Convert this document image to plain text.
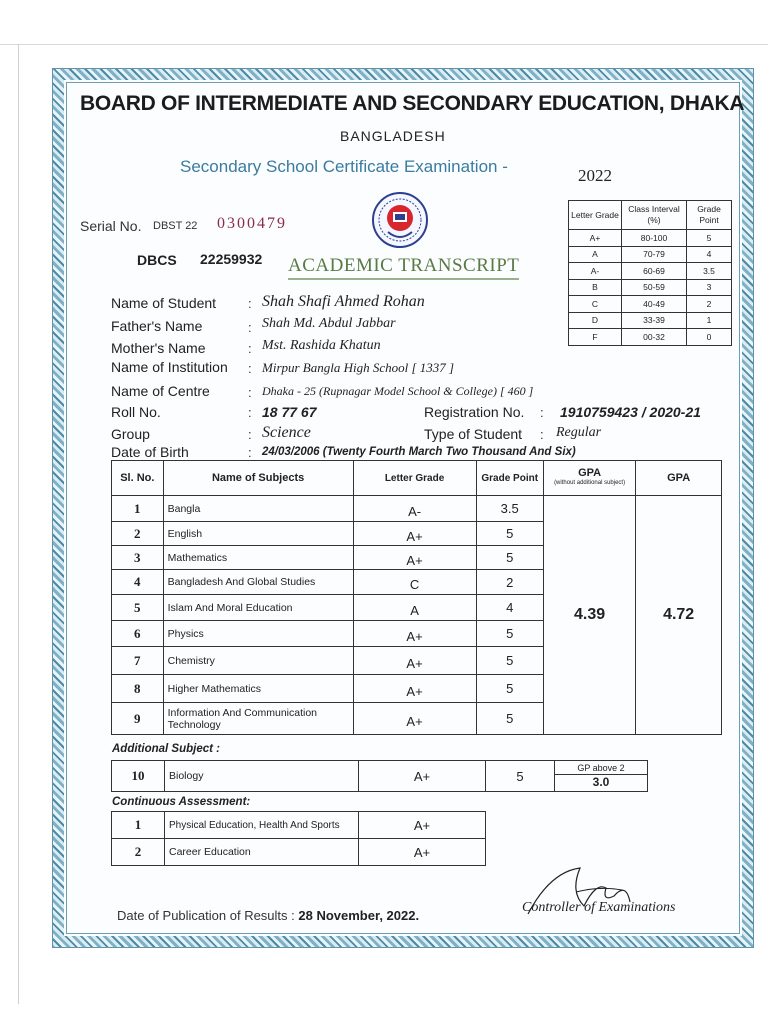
BOARD OF INTERMEDIATE AND SECONDARY EDUCATION, DHAKA
BANGLADESH
Secondary School Certificate Examination -	2022
Serial No. DBST 22 0300479
DBCS 22259932 ACADEMIC TRANSCRIPT
Letter Grade	Class Interval (%)	Grade Point
A+	80-100	5
A	70-79	4
A-	60-69	3.5
B	50-59	3
C	40-49	2
D	33-39	1
F	00-32	0
Name of Student : Shah Shafi Ahmed Rohan
Father's Name	: Shah Md. Abdul Jabbar
Mother's Name	: Mst. Rashida Khatun
Name of Institution : Mirpur Bangla High School [ 1337 ]
Name of Centre	: Dhaka - 25 (Rupnagar Model School & College) [ 460 ]
Roll No.	: 18 77 67	Registration No. : 1910759423 / 2020-21
Group	: Science	Type of Student : Regular
Date of Birth	: 24/03/2006 (Twenty Fourth March Two Thousand And Six)
Sl. No.	Name of Subjects	Letter Grade	Grade Point	GPA
(without additional subject)	GPA
1	Bangla	A-	3.5	4.39	4.72
2	English	A+	5		
3	Mathematics	A+	5		
4	Bangladesh And Global Studies	C	2		
5	Islam And Moral Education	A	4		
6	Physics	A+	5		
7	Chemistry	A+	5		
8	Higher Mathematics	A+	5		
9	Information And Communication Technology	A+	5		
Additional Subject :
10	Biology	A+	5	
GP above 2
3.0
Continuous Assessment:
1	Physical Education, Health And Sports	A+
2	Career Education	A+
Date of Publication of Results : 28 November, 2022.
Controller of Examinations
